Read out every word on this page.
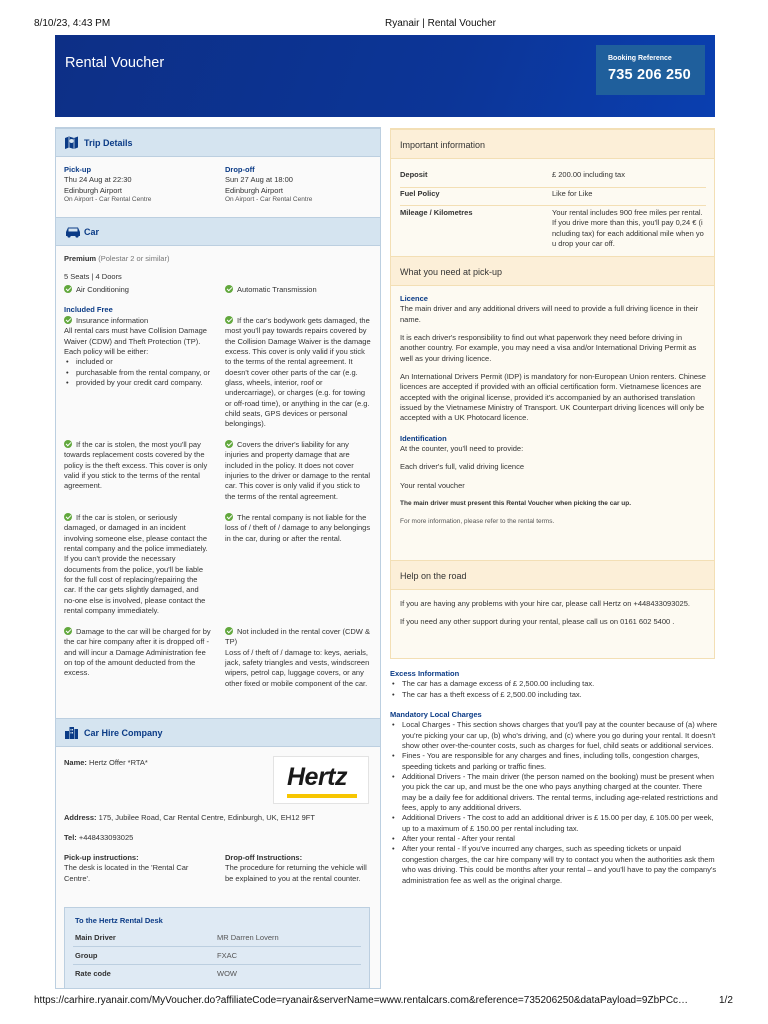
8/10/23, 4:43 PM	Ryanair | Rental Voucher
Rental Voucher	Booking Reference
735 206 250
Trip Details
Pick-up
Thu 24 Aug at 22:30
Edinburgh Airport
On Airport - Car Rental Centre
Drop-off
Sun 27 Aug at 18:00
Edinburgh Airport
On Airport - Car Rental Centre
Car
Premium (Polestar 2 or similar)
5 Seats | 4 Doors
Air Conditioning	Automatic Transmission
Included Free
Insurance information
All rental cars must have Collision Damage Waiver (CDW) and Theft Protection (TP). Each policy will be either:
• included or
• purchasable from the rental company, or
• provided by your credit card company.
If the car is stolen, the most you'll pay towards replacement costs covered by the policy is the theft excess. This cover is only valid if you stick to the terms of the rental agreement.
If the car is stolen, or seriously damaged, or damaged in an incident involving someone else, please contact the rental company and the police immediately. If you can't provide the necessary documents from the police, you'll be liable for the full cost of replacing/repairing the car. If the car gets slightly damaged, and no-one else is involved, please contact the rental company immediately.
Damage to the car will be charged for by the car hire company after it is dropped off - and will incur a Damage Administration fee on top of the amount deducted from the excess.
If the car's bodywork gets damaged, the most you'll pay towards repairs covered by the Collision Damage Waiver is the damage excess. This cover is only valid if you stick to the terms of the rental agreement. It doesn't cover other parts of the car (e.g. glass, wheels, interior, roof or undercarriage), or charges (e.g. for towing or off-road time), or anything in the car (e.g. child seats, GPS devices or personal belongings).
Covers the driver's liability for any injuries and property damage that are included in the policy. It does not cover injuries to the driver or damage to the rental car. This cover is only valid if you stick to the terms of the rental agreement.
The rental company is not liable for the loss of / theft of / damage to any belongings in the car, during or after the rental.
Not included in the rental cover (CDW & TP)
Loss of / theft of / damage to: keys, aerials, jack, safety triangles and vests, windscreen wipers, petrol cap, luggage covers, or any other fixed or mobile component of the car.
Car Hire Company
Name: Hertz Offer *RTA*
Hertz
Address: 175, Jubilee Road, Car Rental Centre, Edinburgh, UK, EH12 9FT
Tel: +448433093025
Pick-up instructions:
The desk is located in the 'Rental Car Centre'.
Drop-off Instructions:
The procedure for returning the vehicle will be explained to you at the rental counter.
To the Hertz Rental Desk
Main Driver	MR Darren Lovern
Group	FXAC
Rate code	WOW
Important information
Deposit	£ 200.00 including tax
Fuel Policy	Like for Like
Mileage / Kilometres	Your rental includes 900 free miles per rental. If you drive more than this, you'll pay 0,24 € (including tax) for each additional mile when you drop your car off.
What you need at pick-up
Licence
The main driver and any additional drivers will need to provide a full driving licence in their name.
It is each driver's responsibility to find out what paperwork they need before driving in another country. For example, you may need a visa and/or International Driving Permit as well as your driving licence.
An International Drivers Permit (IDP) is mandatory for non-European Union renters. Chinese licences are accepted if provided with an official certification form. Vietnamese licences are accepted with the original license, provided it's accompanied by an authorised translation issued by the Vietnamese Ministry of Transport. UK Counterpart driving licences will only be accepted with a UK Photocard licence.
Identification
At the counter, you'll need to provide:
Each driver's full, valid driving licence
Your rental voucher
The main driver must present this Rental Voucher when picking the car up.
For more information, please refer to the rental terms.
Help on the road
If you are having any problems with your hire car, please call Hertz on +448433093025.
If you need any other support during your rental, please call us on 0161 602 5400 .
Excess Information
• The car has a damage excess of £ 2,500.00 including tax.
• The car has a theft excess of £ 2,500.00 including tax.
Mandatory Local Charges
• Local Charges - This section shows charges that you'll pay at the counter because of (a) where you're picking your car up, (b) who's driving, and (c) where you go during your rental. It doesn't show other over-the-counter costs, such as charges for fuel, child seats or additional services.
• Fines - You are responsible for any charges and fines, including tolls, congestion charges, speeding tickets and parking or traffic fines.
• Additional Drivers - The main driver (the person named on the booking) must be present when you pick the car up, and must be the one who pays anything charged at the counter. There may be a daily fee for additional drivers. The rental terms, including age-related restrictions and fees, apply to any additional drivers.
• Additional Drivers - The cost to add an additional driver is £ 15.00 per day, £ 105.00 per week, up to a maximum of £ 150.00 per rental including tax.
• After your rental - After your rental
• After your rental - If you've incurred any charges, such as speeding tickets or unpaid congestion charges, the car hire company will try to contact you when the authorities ask them who was driving. This could be months after your rental – and you'll have to pay the company's administration fee as well as the original charge.
https://carhire.ryanair.com/MyVoucher.do?affiliateCode=ryanair&serverName=www.rentalcars.com&reference=735206250&dataPayload=9ZbPCc…	1/2
